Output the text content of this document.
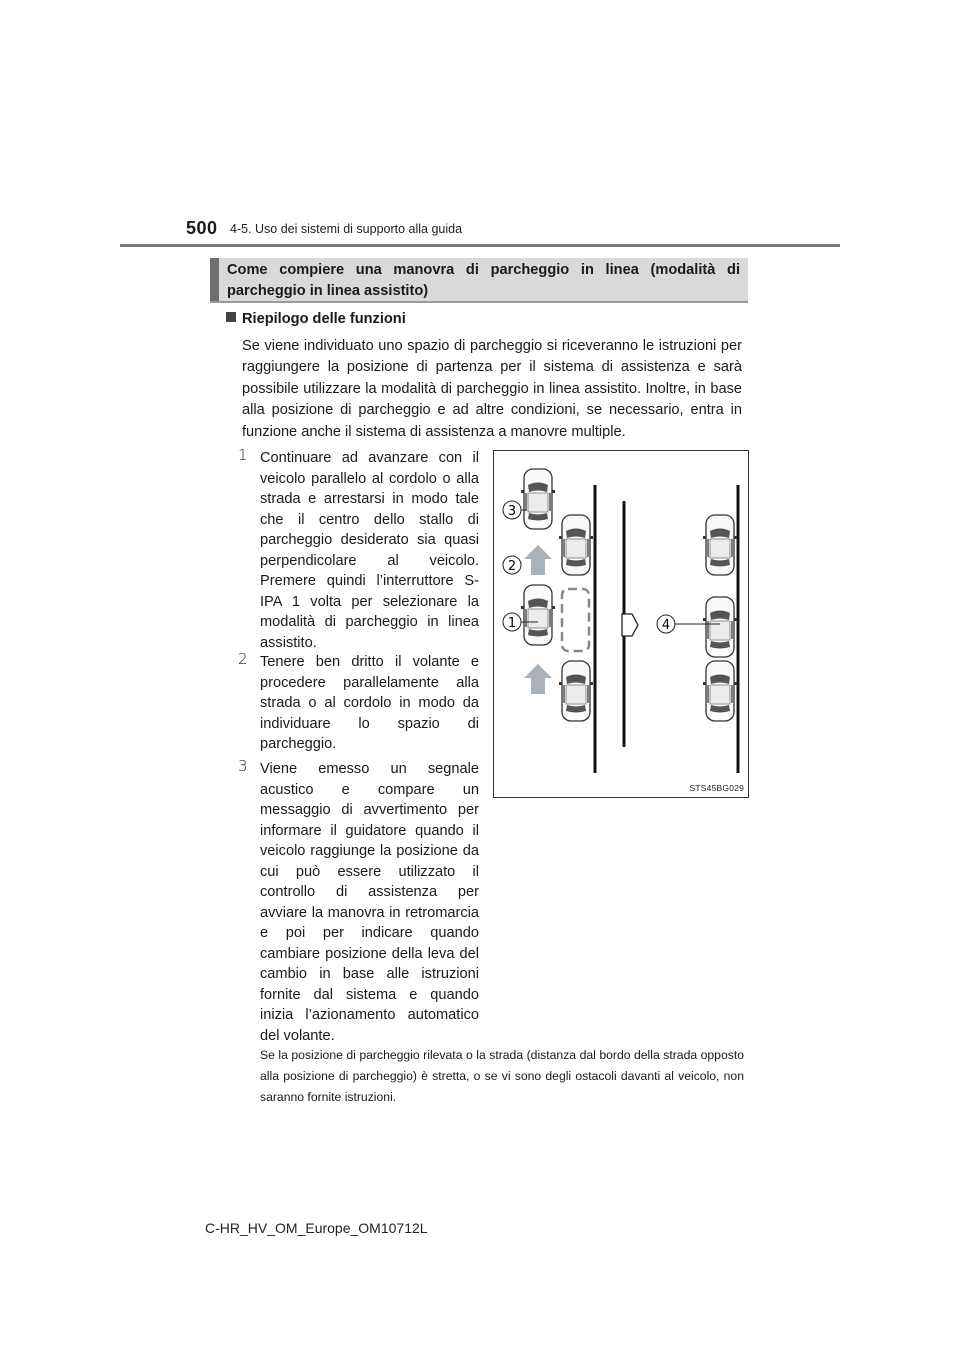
500 4-5. Uso dei sistemi di supporto alla guida
Come compiere una manovra di parcheggio in linea (modalità di parcheggio in linea assistito)
Riepilogo delle funzioni

Se viene individuato uno spazio di parcheggio si riceveranno le istruzioni per raggiungere la posizione di partenza per il sistema di assistenza e sarà possibile utilizzare la modalità di parcheggio in linea assistito. Inoltre, in base alla posizione di parcheggio e ad altre condizioni, se necessario, entra in funzione anche il sistema di assistenza a manovre multiple.

1 Continuare ad avanzare con il veicolo parallelo al cordolo o alla strada e arrestarsi in modo tale che il centro dello stallo di parcheggio desiderato sia quasi perpendicolare al veicolo. Premere quindi l’interruttore S-IPA 1 volta per selezionare la modalità di parcheggio in linea assistito.

2 Tenere ben dritto il volante e procedere parallelamente alla strada o al cordolo in modo da individuare lo spazio di parcheggio.

3 Viene emesso un segnale acustico e compare un messaggio di avvertimento per informare il guidatore quando il veicolo raggiunge la posizione da cui può essere utilizzato il controllo di assistenza per avviare la manovra in retromarcia e poi per indicare quando cambiare posizione della leva del cambio in base alle istruzioni fornite dal sistema e quando inizia l’azionamento automatico del volante.

3
2
1	4
STS45BG029

Se la posizione di parcheggio rilevata o la strada (distanza dal bordo della strada opposto alla posizione di parcheggio) è stretta, o se vi sono degli ostacoli davanti al veicolo, non saranno fornite istruzioni.

C-HR_HV_OM_Europe_OM10712L
